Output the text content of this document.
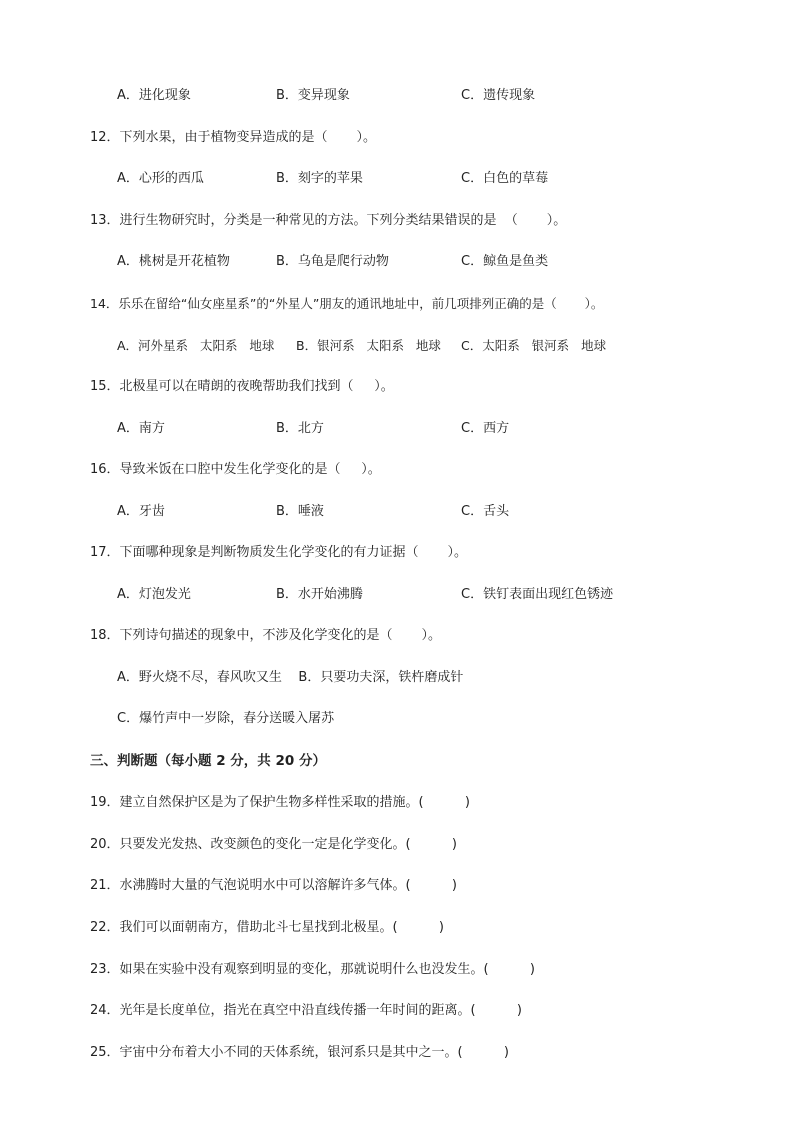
A．进化现象	B．变异现象	C．遗传现象
12．下列水果，由于植物变异造成的是（       ）。
A．心形的西瓜	B．刻字的苹果	C．白色的草莓
13．进行生物研究时，分类是一种常见的方法。下列分类结果错误的是  （       ）。
A．桃树是开花植物	B．乌龟是爬行动物	C．鲸鱼是鱼类
14．乐乐在留给“仙女座星系”的“外星人”朋友的通讯地址中，前几项排列正确的是（       ）。
A．河外星系   太阳系   地球 B．银河系   太阳系   地球 C．太阳系   银河系   地球
15．北极星可以在晴朗的夜晚帮助我们找到（     ）。
A．南方	B．北方	C．西方
16．导致米饭在口腔中发生化学变化的是（     ）。
A．牙齿	B．唾液	C．舌头
17．下面哪种现象是判断物质发生化学变化的有力证据（       ）。
A．灯泡发光	B．水开始沸腾	C．铁钉表面出现红色锈迹
18．下列诗句描述的现象中，不涉及化学变化的是（       ）。
A．野火烧不尽，春风吹又生    B．只要功夫深，铁杵磨成针
C．爆竹声中一岁除，春分送暖入屠苏
三、判断题（每小题 2 分，共 20 分）
19．建立自然保护区是为了保护生物多样性采取的措施。(          )
20．只要发光发热、改变颜色的变化一定是化学变化。(          )
21．水沸腾时大量的气泡说明水中可以溶解许多气体。(          )
22．我们可以面朝南方，借助北斗七星找到北极星。(          )
23．如果在实验中没有观察到明显的变化，那就说明什么也没发生。(          )
24．光年是长度单位，指光在真空中沿直线传播一年时间的距离。(          )
25．宇宙中分布着大小不同的天体系统，银河系只是其中之一。(          )
